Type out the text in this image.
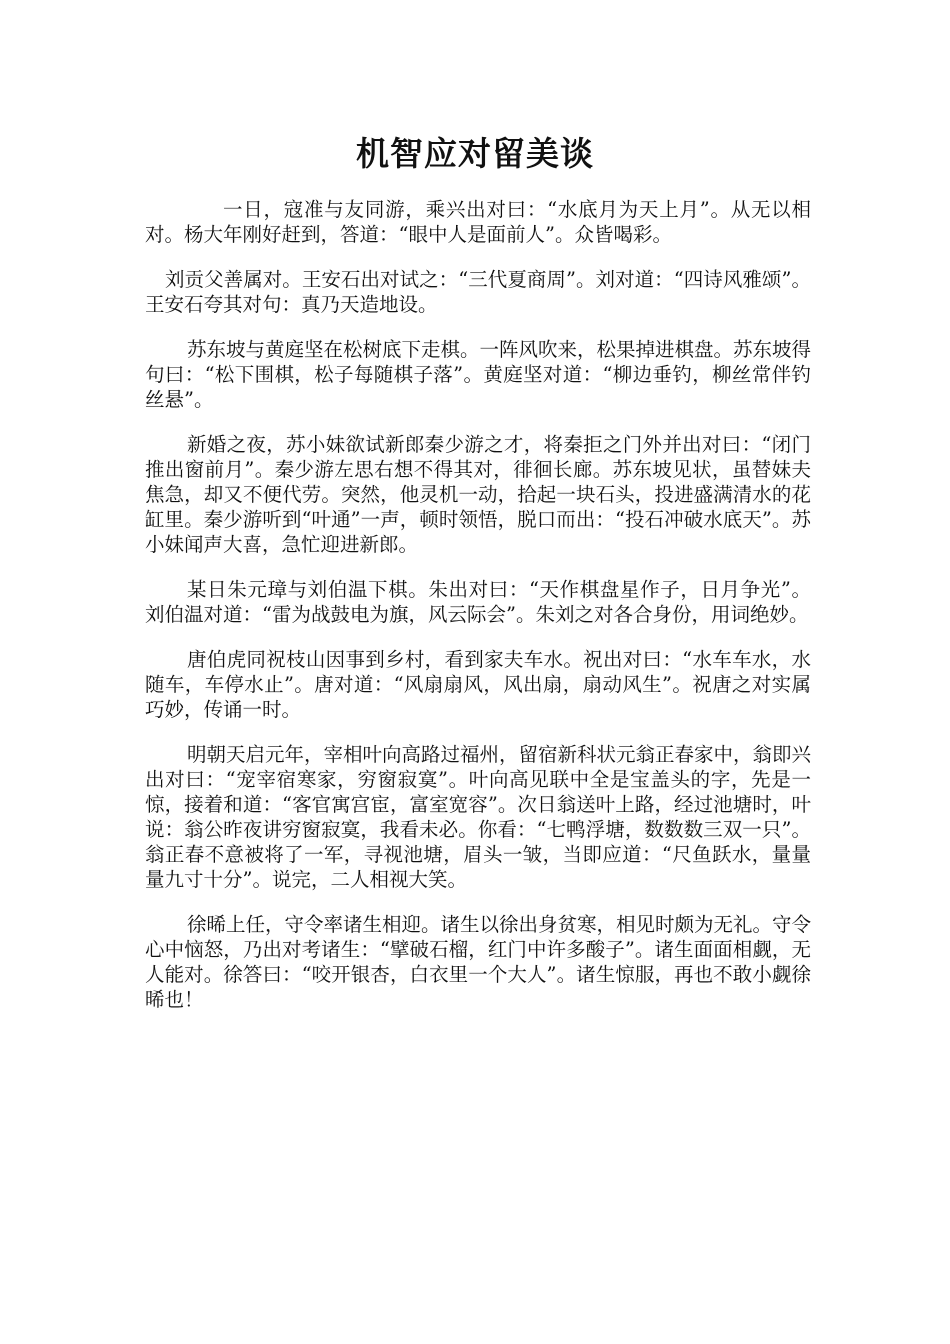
机智应对留美谈

一日，寇准与友同游，乘兴出对曰：“水底月为天上月”。从无以相对。杨大年刚好赶到，答道：“眼中人是面前人”。众皆喝彩。

刘贡父善属对。王安石出对试之：“三代夏商周”。刘对道：“四诗风雅颂”。王安石夸其对句：真乃天造地设。

苏东坡与黄庭坚在松树底下走棋。一阵风吹来，松果掉进棋盘。苏东坡得句曰：“松下围棋，松子每随棋子落”。黄庭坚对道：“柳边垂钓，柳丝常伴钓丝悬”。

新婚之夜，苏小妹欲试新郎秦少游之才，将秦拒之门外并出对曰：“闭门推出窗前月”。秦少游左思右想不得其对，徘徊长廊。苏东坡见状，虽替妹夫焦急，却又不便代劳。突然，他灵机一动，拾起一块石头，投进盛满清水的花缸里。秦少游听到“叶通”一声，顿时领悟，脱口而出：“投石冲破水底天”。苏小妹闻声大喜，急忙迎进新郎。

某日朱元璋与刘伯温下棋。朱出对曰：“天作棋盘星作子，日月争光”。刘伯温对道：“雷为战鼓电为旗，风云际会”。朱刘之对各合身份，用词绝妙。

唐伯虎同祝枝山因事到乡村，看到家夫车水。祝出对曰：“水车车水，水随车，车停水止”。唐对道：“风扇扇风，风出扇，扇动风生”。祝唐之对实属巧妙，传诵一时。

明朝天启元年，宰相叶向高路过福州，留宿新科状元翁正春家中，翁即兴出对曰：“宠宰宿寒家，穷窗寂寞”。叶向高见联中全是宝盖头的字，先是一惊，接着和道：“客官寓宫宦，富室宽容”。次日翁送叶上路，经过池塘时，叶说：翁公昨夜讲穷窗寂寞，我看未必。你看：“七鸭浮塘，数数数三双一只”。翁正春不意被将了一军，寻视池塘，眉头一皱，当即应道：“尺鱼跃水，量量量九寸十分”。说完，二人相视大笑。

徐晞上任，守令率诸生相迎。诸生以徐出身贫寒，相见时颇为无礼。守令心中恼怒，乃出对考诸生：“擘破石榴，红门中许多酸子”。诸生面面相觑，无人能对。徐答曰：“咬开银杏，白衣里一个大人”。诸生惊服，再也不敢小觑徐晞也！
